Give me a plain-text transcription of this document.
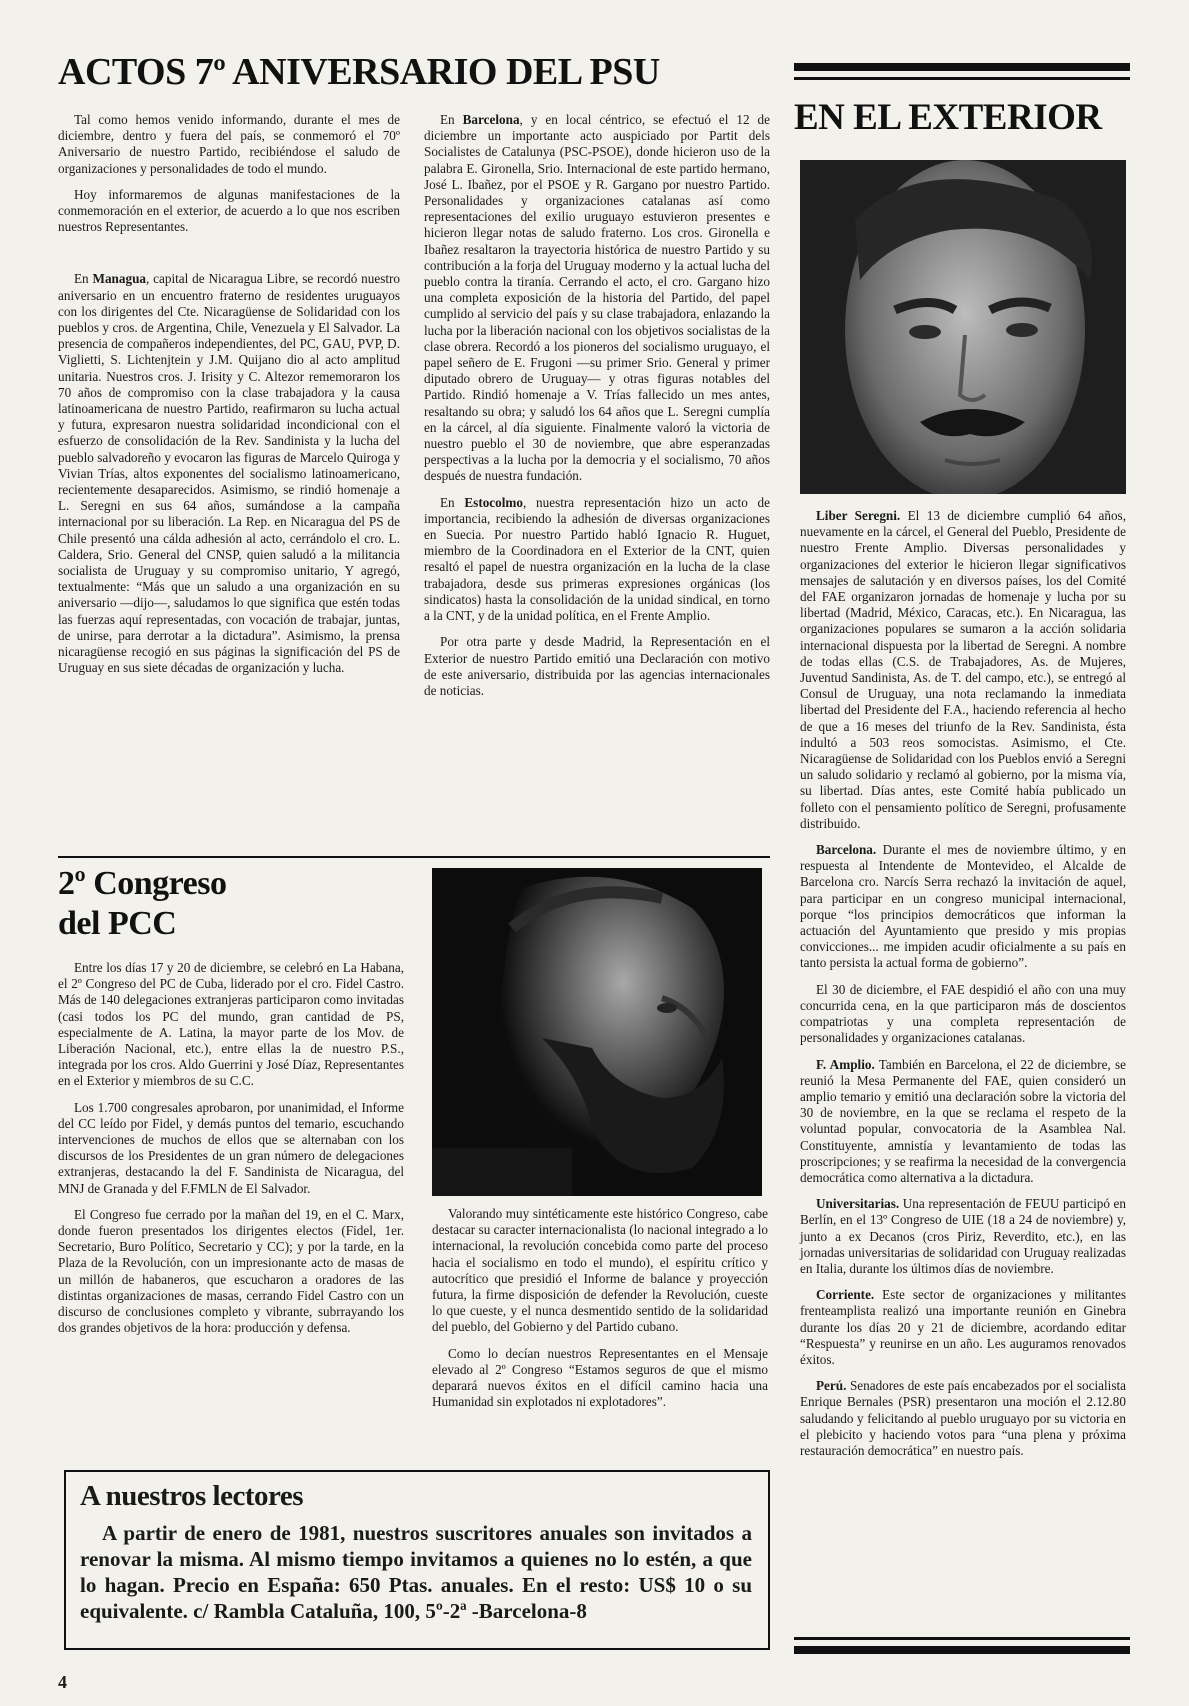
ACTOS 7º ANIVERSARIO DEL PSU

Tal como hemos venido informando, durante el mes de diciembre, dentro y fuera del país, se conmemoró el 70º Aniversario de nuestro Partido, recibiéndose el saludo de organizaciones y personalidades de todo el mundo.

Hoy informaremos de algunas manifestaciones de la conmemoración en el exterior, de acuerdo a lo que nos escriben nuestros Representantes.

En Managua, capital de Nicaragua Libre, se recordó nuestro aniversario en un encuentro fraterno de residentes uruguayos con los dirigentes del Cte. Nicaragüense de Solidaridad con los pueblos y cros. de Argentina, Chile, Venezuela y El Salvador. La presencia de compañeros independientes, del PC, GAU, PVP, D. Viglietti, S. Lichtenjtein y J.M. Quijano dio al acto amplitud unitaria. Nuestros cros. J. Irisity y C. Altezor rememoraron los 70 años de compromiso con la clase trabajadora y la causa latinoamericana de nuestro Partido, reafirmaron su lucha actual y futura, expresaron nuestra solidaridad incondicional con el esfuerzo de consolidación de la Rev. Sandinista y la lucha del pueblo salvadoreño y evocaron las figuras de Marcelo Quiroga y Vivian Trías, altos exponentes del socialismo latinoamericano, recientemente desaparecidos. Asimismo, se rindió homenaje a L. Seregni en sus 64 años, sumándose a la campaña internacional por su liberación. La Rep. en Nicaragua del PS de Chile presentó una cálda adhesión al acto, cerrándolo el cro. L. Caldera, Srio. General del CNSP, quien saludó a la militancia socialista de Uruguay y su compromiso unitario, Y agregó, textualmente: “Más que un saludo a una organización en su aniversario —dijo—, saludamos lo que significa que estén todas las fuerzas aquí representadas, con vocación de trabajar, juntas, de unirse, para derrotar a la dictadura”. Asimismo, la prensa nicaragüense recogió en sus páginas la significación del PS de Uruguay en sus siete décadas de organización y lucha.

En Barcelona, y en local céntrico, se efectuó el 12 de diciembre un importante acto auspiciado por Partit dels Socialistes de Catalunya (PSC-PSOE), donde hicieron uso de la palabra E. Gironella, Srio. Internacional de este partido hermano, José L. Ibañez, por el PSOE y R. Gargano por nuestro Partido. Personalidades y organizaciones catalanas así como representaciones del exilio uruguayo estuvieron presentes e hicieron llegar notas de saludo fraterno. Los cros. Gironella e Ibañez resaltaron la trayectoria histórica de nuestro Partido y su contribución a la forja del Uruguay moderno y la actual lucha del pueblo contra la tiranía. Cerrando el acto, el cro. Gargano hizo una completa exposición de la historia del Partido, del papel cumplido al servicio del país y su clase trabajadora, enlazando la lucha por la liberación nacional con los objetivos socialistas de la clase obrera. Recordó a los pioneros del socialismo uruguayo, el papel señero de E. Frugoni —su primer Srio. General y primer diputado obrero de Uruguay— y otras figuras notables del Partido. Rindió homenaje a V. Trías fallecido un mes antes, resaltando su obra; y saludó los 64 años que L. Seregni cumplía en la cárcel, al día siguiente. Finalmente valoró la victoria de nuestro pueblo el 30 de noviembre, que abre esperanzadas perspectivas a la lucha por la democria y el socialismo, 70 años después de nuestra fundación.

En Estocolmo, nuestra representación hizo un acto de importancia, recibiendo la adhesión de diversas organizaciones en Suecia. Por nuestro Partido habló Ignacio R. Huguet, miembro de la Coordinadora en el Exterior de la CNT, quien resaltó el papel de nuestra organización en la lucha de la clase trabajadora, desde sus primeras expresiones orgánicas (los sindicatos) hasta la consolidación de la unidad sindical, en torno a la CNT, y de la unidad política, en el Frente Amplio.

Por otra parte y desde Madrid, la Representación en el Exterior de nuestro Partido emitió una Declaración con motivo de este aniversario, distribuida por las agencias internacionales de noticias.

EN EL EXTERIOR

Liber Seregni. El 13 de diciembre cumplió 64 años, nuevamente en la cárcel, el General del Pueblo, Presidente de nuestro Frente Amplio. Diversas personalidades y organizaciones del exterior le hicieron llegar significativos mensajes de salutación y en diversos países, los del Comité del FAE organizaron jornadas de homenaje y lucha por su libertad (Madrid, México, Caracas, etc.). En Nicaragua, las organizaciones populares se sumaron a la acción solidaria internacional dispuesta por la libertad de Seregni. A nombre de todas ellas (C.S. de Trabajadores, As. de Mujeres, Juventud Sandinista, As. de T. del campo, etc.), se entregó al Consul de Uruguay, una nota reclamando la inmediata libertad del Presidente del F.A., haciendo referencia al hecho de que a 16 meses del triunfo de la Rev. Sandinista, ésta indultó a 503 reos somocistas. Asimismo, el Cte. Nicaragüense de Solidaridad con los Pueblos envió a Seregni un saludo solidario y reclamó al gobierno, por la misma vía, su libertad. Días antes, este Comité había publicado un folleto con el pensamiento político de Seregni, profusamente distribuido.

Barcelona. Durante el mes de noviembre último, y en respuesta al Intendente de Montevideo, el Alcalde de Barcelona cro. Narcís Serra rechazó la invitación de aquel, para participar en un congreso municipal internacional, porque “los principios democráticos que informan la actuación del Ayuntamiento que presido y mis propias convicciones... me impiden acudir oficialmente a su país en tanto persista la actual forma de gobierno”.

El 30 de diciembre, el FAE despidió el año con una muy concurrida cena, en la que participaron más de doscientos compatriotas y una completa representación de personalidades y organizaciones catalanas.

F. Amplio. También en Barcelona, el 22 de diciembre, se reunió la Mesa Permanente del FAE, quien consideró un amplio temario y emitió una declaración sobre la victoria del 30 de noviembre, en la que se reclama el respeto de la voluntad popular, convocatoria de la Asamblea Nal. Constituyente, amnistía y levantamiento de todas las proscripciones; y se reafirma la necesidad de la convergencia democrática como alternativa a la dictadura.

Universitarias. Una representación de FEUU participó en Berlín, en el 13º Congreso de UIE (18 a 24 de noviembre) y, junto a ex Decanos (cros Piriz, Reverdito, etc.), en las jornadas universitarias de solidaridad con Uruguay realizadas en Italia, durante los últimos días de noviembre.

Corriente. Este sector de organizaciones y militantes frenteamplista realizó una importante reunión en Ginebra durante los días 20 y 21 de diciembre, acordando editar “Respuesta” y reunirse en un año. Les auguramos renovados éxitos.

Perú. Senadores de este país encabezados por el socialista Enrique Bernales (PSR) presentaron una moción el 2.12.80 saludando y felicitando al pueblo uruguayo por su victoria en el plebicito y haciendo votos para “una plena y próxima restauración democrática” en nuestro país.

2º Congreso
del PCC

Entre los días 17 y 20 de diciembre, se celebró en La Habana, el 2º Congreso del PC de Cuba, liderado por el cro. Fidel Castro. Más de 140 delegaciones extranjeras participaron como invitadas (casi todos los PC del mundo, gran cantidad de PS, especialmente de A. Latina, la mayor parte de los Mov. de Liberación Nacional, etc.), entre ellas la de nuestro P.S., integrada por los cros. Aldo Guerrini y José Díaz, Representantes en el Exterior y miembros de su C.C.

Los 1.700 congresales aprobaron, por unanimidad, el Informe del CC leído por Fidel, y demás puntos del temario, escuchando intervenciones de muchos de ellos que se alternaban con los discursos de los Presidentes de un gran número de delegaciones extranjeras, destacando la del F. Sandinista de Nicaragua, del MNJ de Granada y del F.FMLN de El Salvador.

El Congreso fue cerrado por la mañan del 19, en el C. Marx, donde fueron presentados los dirigentes electos (Fidel, 1er. Secretario, Buro Político, Secretario y CC); y por la tarde, en la Plaza de la Revolución, con un impresionante acto de masas de un millón de habaneros, que escucharon a oradores de las distintas organizaciones de masas, cerrando Fidel Castro con un discurso de conclusiones completo y vibrante, subrrayando los dos grandes objetivos de la hora: producción y defensa.

Valorando muy sintéticamente este histórico Congreso, cabe destacar su caracter internacionalista (lo nacional integrado a lo internacional, la revolución concebida como parte del proceso hacia el socialismo en todo el mundo), el espíritu crítico y autocrítico que presidió el Informe de balance y proyección futura, la firme disposición de defender la Revolución, cueste lo que cueste, y el nunca desmentido sentido de la solidaridad del pueblo, del Gobierno y del Partido cubano.

Como lo decían nuestros Representantes en el Mensaje elevado al 2º Congreso “Estamos seguros de que el mismo deparará nuevos éxitos en el difícil camino hacia una Humanidad sin explotados ni explotadores”.

A nuestros lectores
A partir de enero de 1981, nuestros suscritores anuales son invitados a renovar la misma. Al mismo tiempo invitamos a quienes no lo estén, a que lo hagan. Precio en España: 650 Ptas. anuales. En el resto: US$ 10 o su equivalente. c/ Rambla Cataluña, 100, 5º-2ª -Barcelona-8
4
